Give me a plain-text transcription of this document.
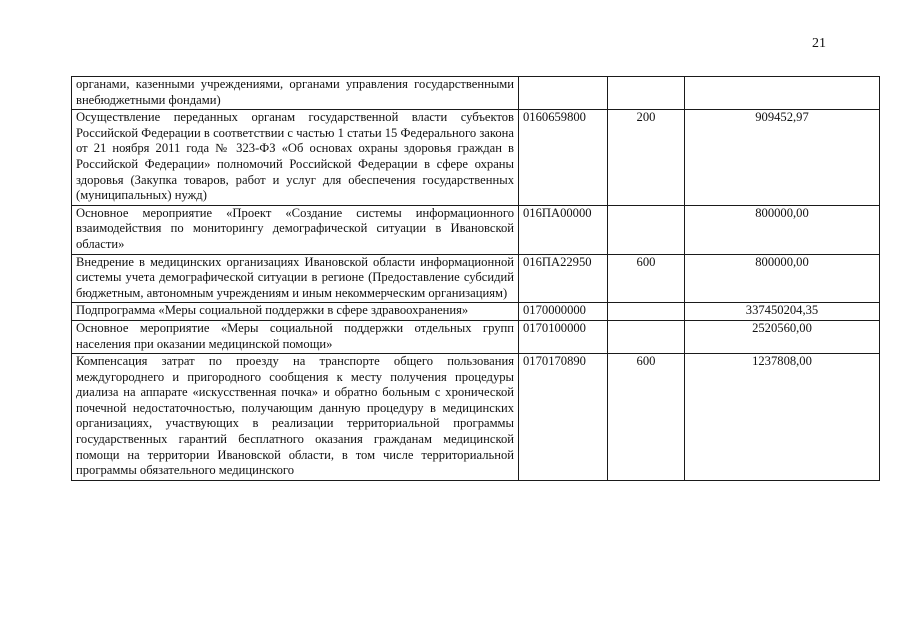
21
органами, казенными учреждениями, органами управления государственными внебюджетными фондами)			
Осуществление переданных органам государственной власти субъектов Российской Федерации в соответствии с частью 1 статьи 15 Федерального закона от 21 ноября 2011 года № 323-ФЗ «Об основах охраны здоровья граждан в Российской Федерации» полномочий Российской Федерации в сфере охраны здоровья (Закупка товаров, работ и услуг для обеспечения государственных (муниципальных) нужд)	0160659800	200	909452,97
Основное мероприятие «Проект «Создание системы информационного взаимодействия по мониторингу демографической ситуации в Ивановской области»	016ПА00000		800000,00
Внедрение в медицинских организациях Ивановской области информационной системы учета демографической ситуации в регионе (Предоставление субсидий бюджетным, автономным учреждениям и иным некоммерческим организациям)	016ПА22950	600	800000,00
Подпрограмма «Меры социальной поддержки в сфере здравоохранения»	0170000000		337450204,35
Основное мероприятие «Меры социальной поддержки отдельных групп населения при оказании медицинской помощи»	0170100000		2520560,00
Компенсация затрат по проезду на транспорте общего пользования междугороднего и пригородного сообщения к месту получения процедуры диализа на аппарате «искусственная почка» и обратно больным с хронической почечной недостаточностью, получающим данную процедуру в медицинских организациях, участвующих в реализации территориальной программы государственных гарантий бесплатного оказания гражданам медицинской помощи на территории Ивановской области, в том числе территориальной программы обязательного медицинского	0170170890	600	1237808,00
